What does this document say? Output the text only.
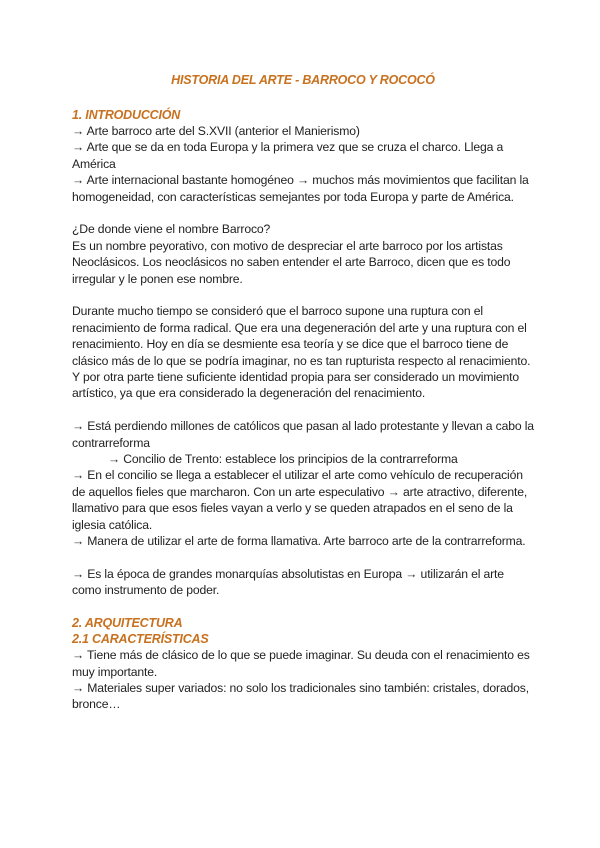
HISTORIA DEL ARTE - BARROCO Y ROCOCÓ
1. INTRODUCCIÓN

→ Arte barroco arte del S.XVII (anterior el Manierismo)

→ Arte que se da en toda Europa y la primera vez que se cruza el charco. Llega a América

→ Arte internacional bastante homogéneo → muchos más movimientos que facilitan la homogeneidad, con características semejantes por toda Europa y parte de América.

¿De donde viene el nombre Barroco?

Es un nombre peyorativo, con motivo de despreciar el arte barroco por los artistas Neoclásicos. Los neoclásicos no saben entender el arte Barroco, dicen que es todo irregular y le ponen ese nombre.

Durante mucho tiempo se consideró que el barroco supone una ruptura con el renacimiento de forma radical. Que era una degeneración del arte y una ruptura con el renacimiento. Hoy en día se desmiente esa teoría y se dice que el barroco tiene de clásico más de lo que se podría imaginar, no es tan rupturista respecto al renacimiento. Y por otra parte tiene suficiente identidad propia para ser considerado un movimiento artístico, ya que era considerado la degeneración del renacimiento.

→ Está perdiendo millones de católicos que pasan al lado protestante y llevan a cabo la contrarreforma

→ Concilio de Trento: establece los principios de la contrarreforma

→ En el concilio se llega a establecer el utilizar el arte como vehículo de recuperación de aquellos fieles que marcharon. Con un arte especulativo → arte atractivo, diferente, llamativo para que esos fieles vayan a verlo y se queden atrapados en el seno de la iglesia católica.

→ Manera de utilizar el arte de forma llamativa. Arte barroco arte de la contrarreforma.

→ Es la época de grandes monarquías absolutistas en Europa → utilizarán el arte como instrumento de poder.

2. ARQUITECTURA
2.1 CARACTERÍSTICAS

→ Tiene más de clásico de lo que se puede imaginar. Su deuda con el renacimiento es muy importante.

→ Materiales super variados: no solo los tradicionales sino también: cristales, dorados, bronce…
